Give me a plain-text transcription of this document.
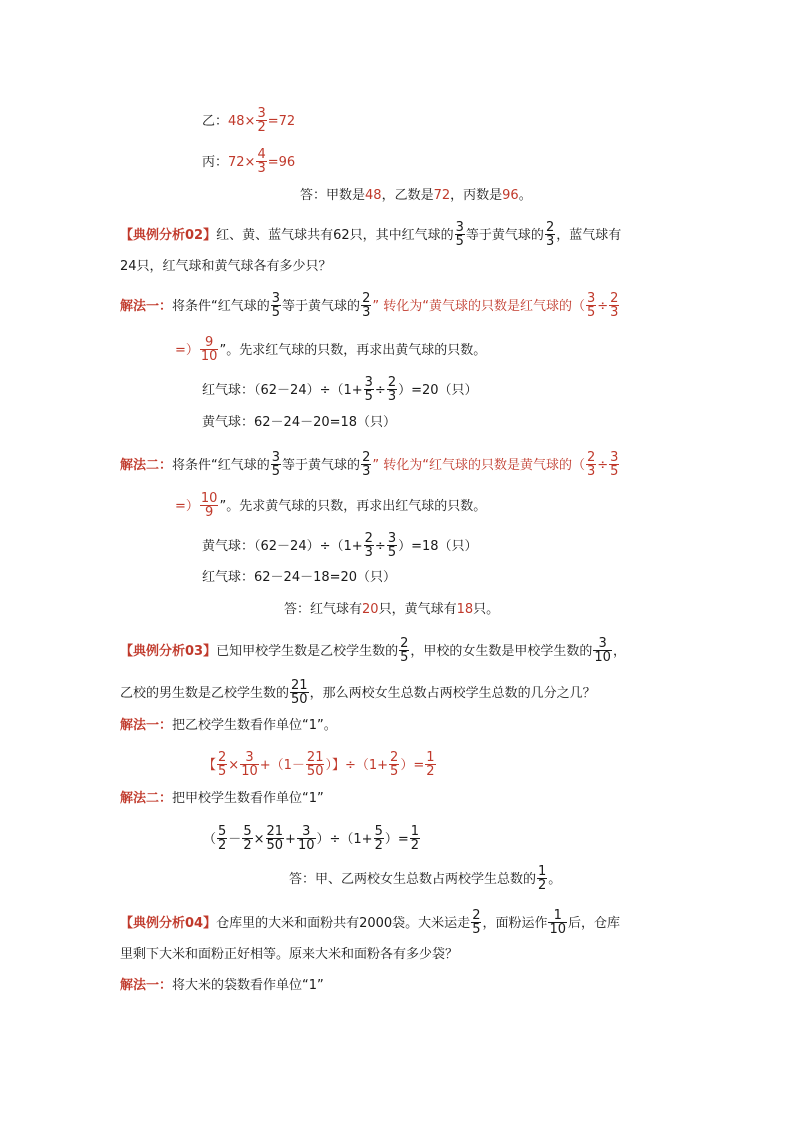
乙：$48\times \frac{3}{2} =72$
丙：$72\times \frac{4}{3} =96$
答：甲数是48，乙数是72，丙数是96。
【典例分析02】红、黄、蓝气球共有62只，其中红气球的 $\frac{3}{5}$ 等于黄气球的 $\frac{2}{3}$ ，蓝气球有
24只，红气球和黄气球各有多少只？
解法一：将条件“红气球的 $\frac{3}{5}$ 等于黄气球的 $\frac{2}{3}$ ” 转化为“黄气球的只数是红气球的（ $\frac{3}{5} \div \frac{2}{3}$
=） $\frac{9}{10}$ ”。先求红气球的只数，再求出黄气球的只数。
红气球：$(62-24)\div(1+ \frac{3}{5} \div \frac{2}{3} )=20$（只）
黄气球：62－24－20=18（只）
解法二：将条件“红气球的 $\frac{3}{5}$ 等于黄气球的 $\frac{2}{3}$ ” 转化为“红气球的只数是黄气球的（ $\frac{2}{3} \div \frac{3}{5}$
=） $\frac{10}{9}$ ”。先求黄气球的只数，再求出红气球的只数。
黄气球：$(62-24)\div(1+ \frac{2}{3} \div \frac{3}{5} )=18$（只）
红气球：62－24－18=20（只）
答：红气球有20只，黄气球有18只。
【典例分析03】已知甲校学生数是乙校学生数的 $\frac{2}{5}$ ，甲校的女生数是甲校学生数的 $\frac{3}{10}$ ，
乙校的男生数是乙校学生数的 $\frac{21}{50}$ ，那么两校女生总数占两校学生总数的几分之几？
解法一：把乙校学生数看作单位“1”。
【 $\frac{2}{5} \times \frac{3}{10} +(1- \frac{21}{50}$ ）】$\div(1+ \frac{2}{5}$ ）= $\frac{1}{2}$
解法二：把甲校学生数看作单位“1”
（ $\frac{5}{2} - \frac{5}{2} \times \frac{21}{50} + \frac{3}{10} )\div(1+ \frac{5}{2}$ ）= $\frac{1}{2}$
答：甲、乙两校女生总数占两校学生总数的 $\frac{1}{2}$ 。
【典例分析04】仓库里的大米和面粉共有2000袋。大米运走 $\frac{2}{5}$ ，面粉运作 $\frac{1}{10}$ 后，仓库
里剩下大米和面粉正好相等。原来大米和面粉各有多少袋？
解法一：将大米的袋数看作单位“1”
